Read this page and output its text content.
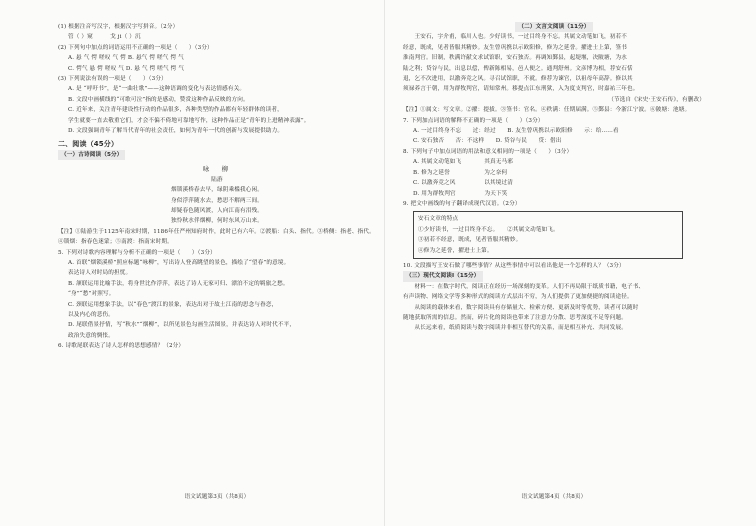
(1) 根据注音写汉字，根据汉字写拼音。（2分）
管（ ）窥　　　戈 ji（ ）沉
(2) 下列句中加点的词语运用不正确的一项是（　　）（3分）
A. 悬 气 愕 嗟叹 气 愕 B. 悬气 愕 嗟气 愕 气
C. 愕气 悬 愕 嗟叹 气 D. 悬 气 愕 嗟气 愕 气
(3) 下列说法有误的一项是（　　）（3分）
A. 是 “呼吁书”，是“一曲壮歌”——这种语调的变化与表达情感有关。
B. 文段中画横线的“可歌可泣”指的是感动，赞赏这种作品反映的方向。
C. 近年来，关注青年建设性行动的作品很多，各种类型的作品都有年轻群体的读者，
学生就要一直去敬重它们，才会不偏不倚地可靠地写作，这种作品正是“青年的上进精神表露”。
D. 文段强调青年了解当代青年的社会责任，如何为青年一代的创新与发展提供助力。
二、阅读（45分）
（一）古诗阅读（5分）
咏　柳
陆游
烟锁溪桥春去早，绿阴乘槛我心闲。
身似浮萍随水去，愁思不解两三间。
却疑春色随风渡，人向江南有泪残。
独怜秋水伴烟柳，何时东风万山来。
【注】①陆游生于1125年南宋时期，1186年任严州知府时作，此时已有六年。②渡船：白头、指代。③桥侧：指老、指代。④锁烟：指春色迷蒙；⑤南渡：指南宋时期。
5. 下列对诗歌内容理解与分析不正确的一项是（　　）（3分）
A. 首联“烟锁溪桥”照应标题“咏柳”，写出诗人登高眺望的景色，描绘了“望春”的意境。
表达诗人对时局的担忧。
B. 颔联运用比喻手法，将身世比作浮萍，表达了诗人无家可归、漂泊不定的羁旅之愁。
“身”“愁”对照写。
C. 颈联运用想象手法，以“春色”渡江的景象，表达出对于故土江南的思念与眷恋，
以及内心的悲伤。
D. 尾联借景抒情，写“秋水”“烟柳”，以所见景色勾画生活图景，并表达诗人对时代不平，
政治失意的惆怅。
6. 诗歌尾联表达了诗人怎样的思想感情？（2分）
语文试题第3页（共8页）
（二）文言文阅读（11分）
　　王安石，字介甫，临川人也。少好读书，一过目终身不忘。其属文动笔如飞，初若不
经意，既成，见者皆服其精妙。友生曾巩携以示欧阳修，修为之延誉。擢进士上第，签书
淮南判官。旧制，秩满许献文求试馆职，安石独否。再调知鄞县，起堤堰，决陂塘，为水
陆之利；贷谷与民，出息以偿，俾新陈相易，邑人便之。通判舒州。文彦博为相，荐安石恬
退，乞不次进用，以激奔竞之风。寻召试馆职，不就。修荐为谏官，以祖母年高辞。修以其
须禄养言于朝，用为群牧判官，请知常州。移提点江东刑狱，入为度支判官，时嘉祐三年也。
　　（节选自《宋史·王安石传》，有删改）
【注】①属文：写文章。②擢：提拔。③签书：官名。④秩满：任期届满。⑤鄞县：今浙江宁波。⑥陂塘：池塘。
7. 下列加点词语的解释不正确的一项是（　　）（3分）
A. 一过目终身不忘　　过：经过　　B. 友生曾巩携以示欧阳修　　示：给……看
C. 安石独否　　否：不这样　　D. 贷谷与民　　贷：借出
8. 下列句子中加点词语的用法和意义相同的一项是（　　）（3分）
A. 其属文动笔如飞　　　　其真无马邪
B. 修为之延誉　　　　　　为之奈何
C. 以激奔竞之风　　　　　以其境过清
D. 用为群牧判官　　　　　为天下笑
9. 把文中画线的句子翻译成现代汉语。（2分）
安石文章的特点
①少好读书，一过目终身不忘。　　②其属文动笔如飞。
③初若不经意，既成，见者皆服其精妙。
④修为之延誉，擢进士上第。
10. 文段描写王安石做了哪些事情？从这些事情中可以看出他是一个怎样的人？（3分）
（三）现代文阅读Ⅰ（15分）
　　材料一：在数字时代，阅读正在经历一场深刻的变革。人们不再局限于纸质书籍，电子书、
有声读物、网络文学等多种形式的阅读方式层出不穷，为人们提供了更加便捷的阅读途径。
　　从阅读的载体来看，数字阅读具有存储量大、检索方便、更新及时等优势，读者可以随时
随地获取所需的信息。然而，碎片化的阅读也带来了注意力分散、思考深度不足等问题。
　　从长远来看，纸质阅读与数字阅读并非相互替代的关系，而是相互补充、共同发展。
语文试题第4页（共8页）
